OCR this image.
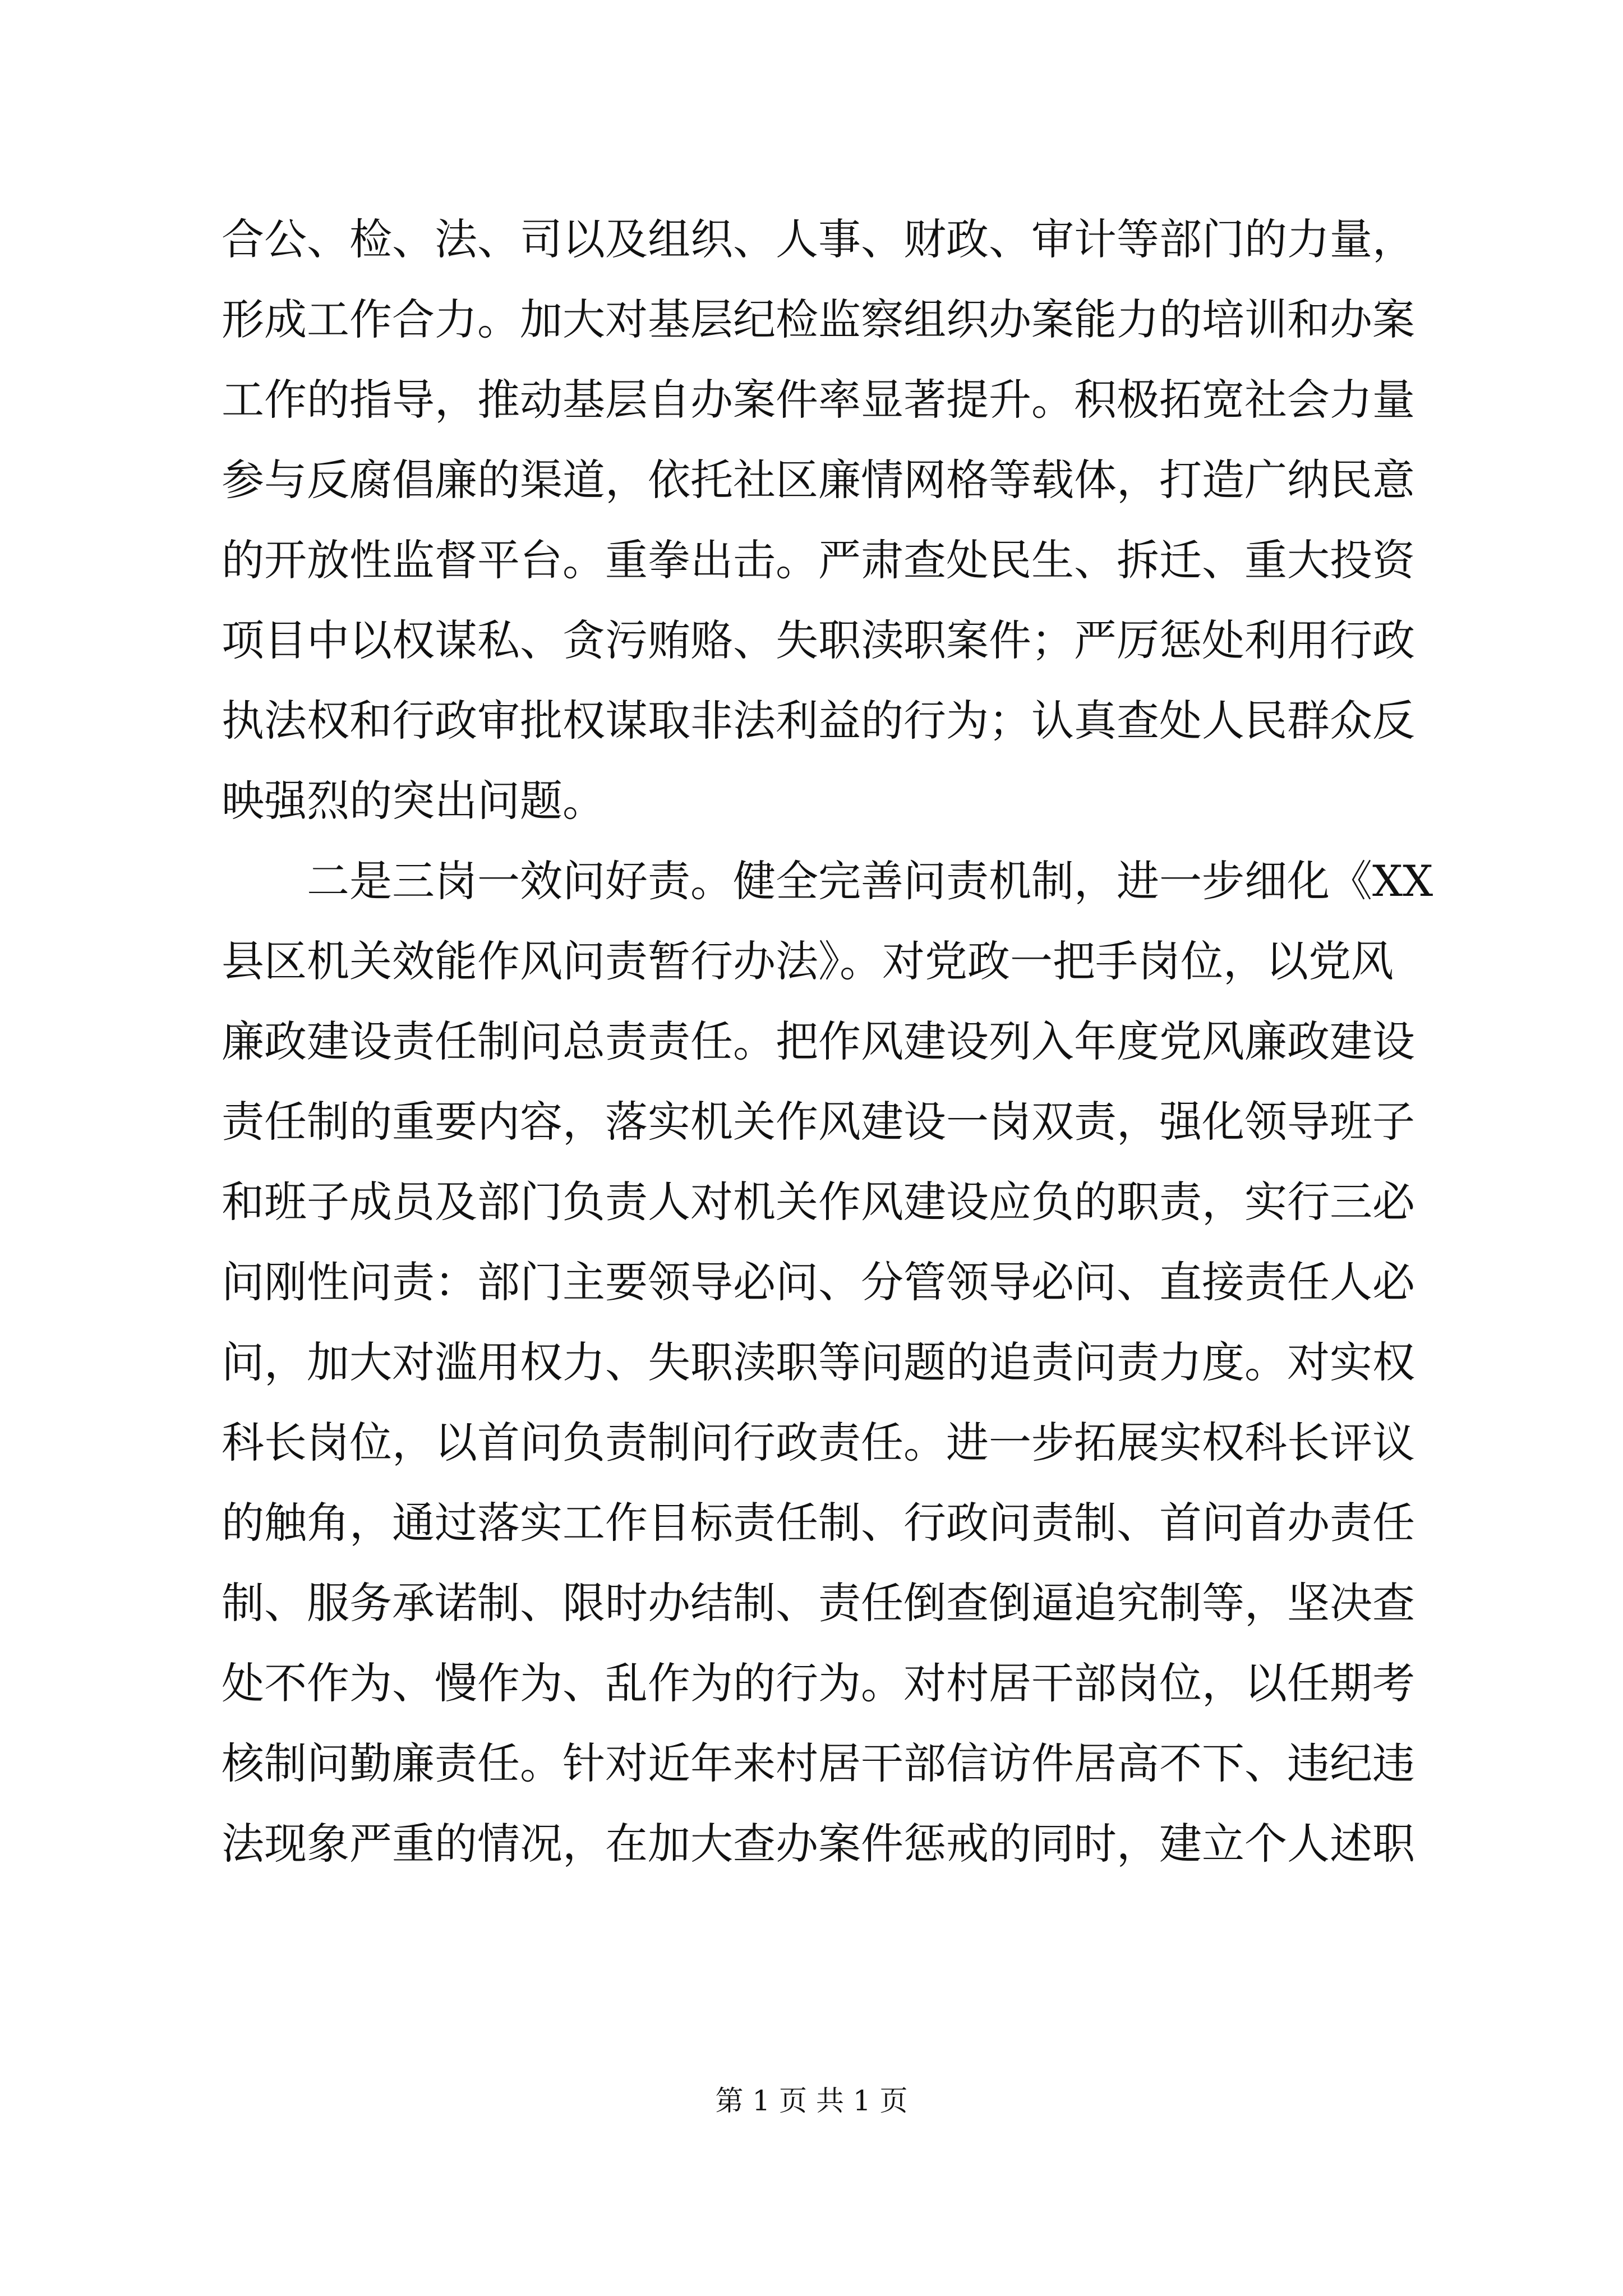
合公、检、法、司以及组织、人事、财政、审计等部门的力量，
形成工作合力。加大对基层纪检监察组织办案能力的培训和办案
工作的指导，推动基层自办案件率显著提升。积极拓宽社会力量
参与反腐倡廉的渠道，依托社区廉情网格等载体，打造广纳民意
的开放性监督平台。重拳出击。严肃查处民生、拆迁、重大投资
项目中以权谋私、贪污贿赂、失职渎职案件；严厉惩处利用行政
执法权和行政审批权谋取非法利益的行为；认真查处人民群众反
映强烈的突出问题。
　　二是三岗一效问好责。健全完善问责机制，进一步细化《XX
县区机关效能作风问责暂行办法》。对党政一把手岗位，以党风
廉政建设责任制问总责责任。把作风建设列入年度党风廉政建设
责任制的重要内容，落实机关作风建设一岗双责，强化领导班子
和班子成员及部门负责人对机关作风建设应负的职责，实行三必
问刚性问责：部门主要领导必问、分管领导必问、直接责任人必
问，加大对滥用权力、失职渎职等问题的追责问责力度。对实权
科长岗位，以首问负责制问行政责任。进一步拓展实权科长评议
的触角，通过落实工作目标责任制、行政问责制、首问首办责任
制、服务承诺制、限时办结制、责任倒查倒逼追究制等，坚决查
处不作为、慢作为、乱作为的行为。对村居干部岗位，以任期考
核制问勤廉责任。针对近年来村居干部信访件居高不下、违纪违
法现象严重的情况，在加大查办案件惩戒的同时，建立个人述职
第 1 页 共 1 页
